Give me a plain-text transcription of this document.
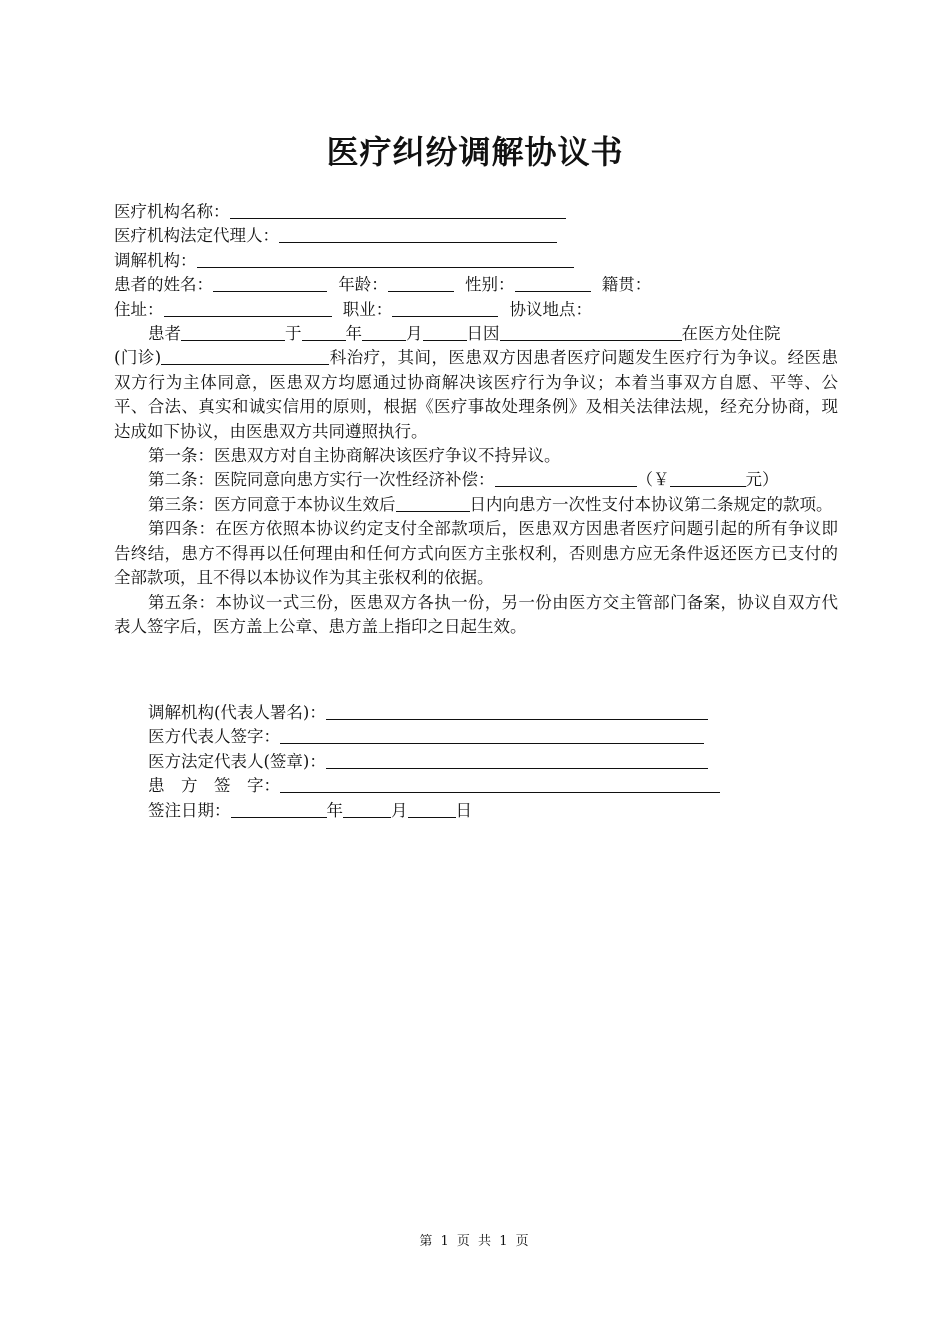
医疗纠纷调解协议书
医疗机构名称：
医疗机构法定代理人：
调解机构：
患者的姓名：	年龄：	性别：	籍贯：
住址：	职业：	协议地点：
患者	于	年	月	日因	在医方处住院
(门诊)	科治疗，其间，医患双方因患者医疗问题发生医疗行为争议。经医患双方行为主体同意，医患双方均愿通过协商解决该医疗行为争议；本着当事双方自愿、平等、公平、合法、真实和诚实信用的原则，根据《医疗事故处理条例》及相关法律法规，经充分协商，现达成如下协议，由医患双方共同遵照执行。
第一条：医患双方对自主协商解决该医疗争议不持异议。
第二条：医院同意向患方实行一次性经济补偿：	（￥	元）
第三条：医方同意于本协议生效后	日内向患方一次性支付本协议第二条规定的款项。
第四条：在医方依照本协议约定支付全部款项后，医患双方因患者医疗问题引起的所有争议即告终结，患方不得再以任何理由和任何方式向医方主张权利，否则患方应无条件返还医方已支付的全部款项，且不得以本协议作为其主张权利的依据。
第五条：本协议一式三份，医患双方各执一份，另一份由医方交主管部门备案，协议自双方代表人签字后，医方盖上公章、患方盖上指印之日起生效。
调解机构(代表人署名)：
医方代表人签字：
医方法定代表人(签章)：
患　方　签　字：
签注日期：	年	月	日
第 1 页 共 1 页
